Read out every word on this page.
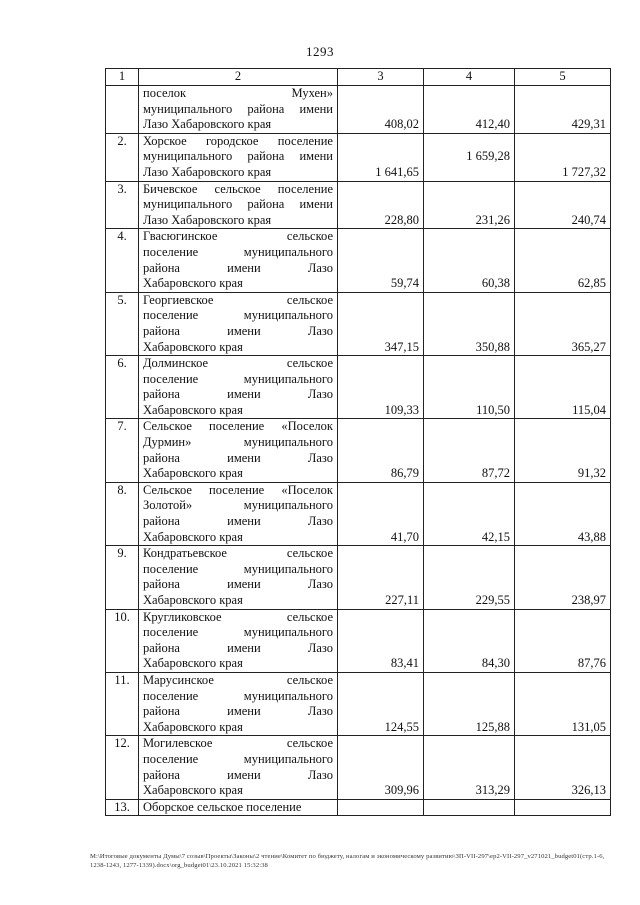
1293
1	2	3	4	5

	поселок Мухен»
муниципального района имени
Лазо Хабаровского края	408,02	412,40	429,31

2.	Хорское городское поселение
муниципального района имени
Лазо Хабаровского края	1 641,65	1 659,28	1 727,32

3.	Бичевское сельское поселение
муниципального района имени
Лазо Хабаровского края	228,80	231,26	240,74

4.	Гвасюгинское сельское
поселение муниципального
района имени Лазо
Хабаровского края	59,74	60,38	62,85

5.	Георгиевское сельское
поселение муниципального
района имени Лазо
Хабаровского края	347,15	350,88	365,27

6.	Долминское сельское
поселение муниципального
района имени Лазо
Хабаровского края	109,33	110,50	115,04

7.	Сельское поселение «Поселок
Дурмин» муниципального
района имени Лазо
Хабаровского края	86,79	87,72	91,32

8.	Сельское поселение «Поселок
Золотой» муниципального
района имени Лазо
Хабаровского края	41,70	42,15	43,88

9.	Кондратьевское сельское
поселение муниципального
района имени Лазо
Хабаровского края	227,11	229,55	238,97

10.	Кругликовское сельское
поселение муниципального
района имени Лазо
Хабаровского края	83,41	84,30	87,76

11.	Марусинское сельское
поселение муниципального
района имени Лазо
Хабаровского края	124,55	125,88	131,05

12.	Могилевское сельское
поселение муниципального
района имени Лазо
Хабаровского края	309,96	313,29	326,13

13.	Оборское сельское поселение			

M:\Итоговые документы Думы\7 созыв\Проекты\Законы\2 чтение\Комитет по бюджету, налогам и экономическому развитию\ЗП-VII-297\ер2-VII-297_v271021_budget01(стр.1-6, 1238-1243, 1277-1339).docx\org_budget01\23.10.2021 15:32:38
